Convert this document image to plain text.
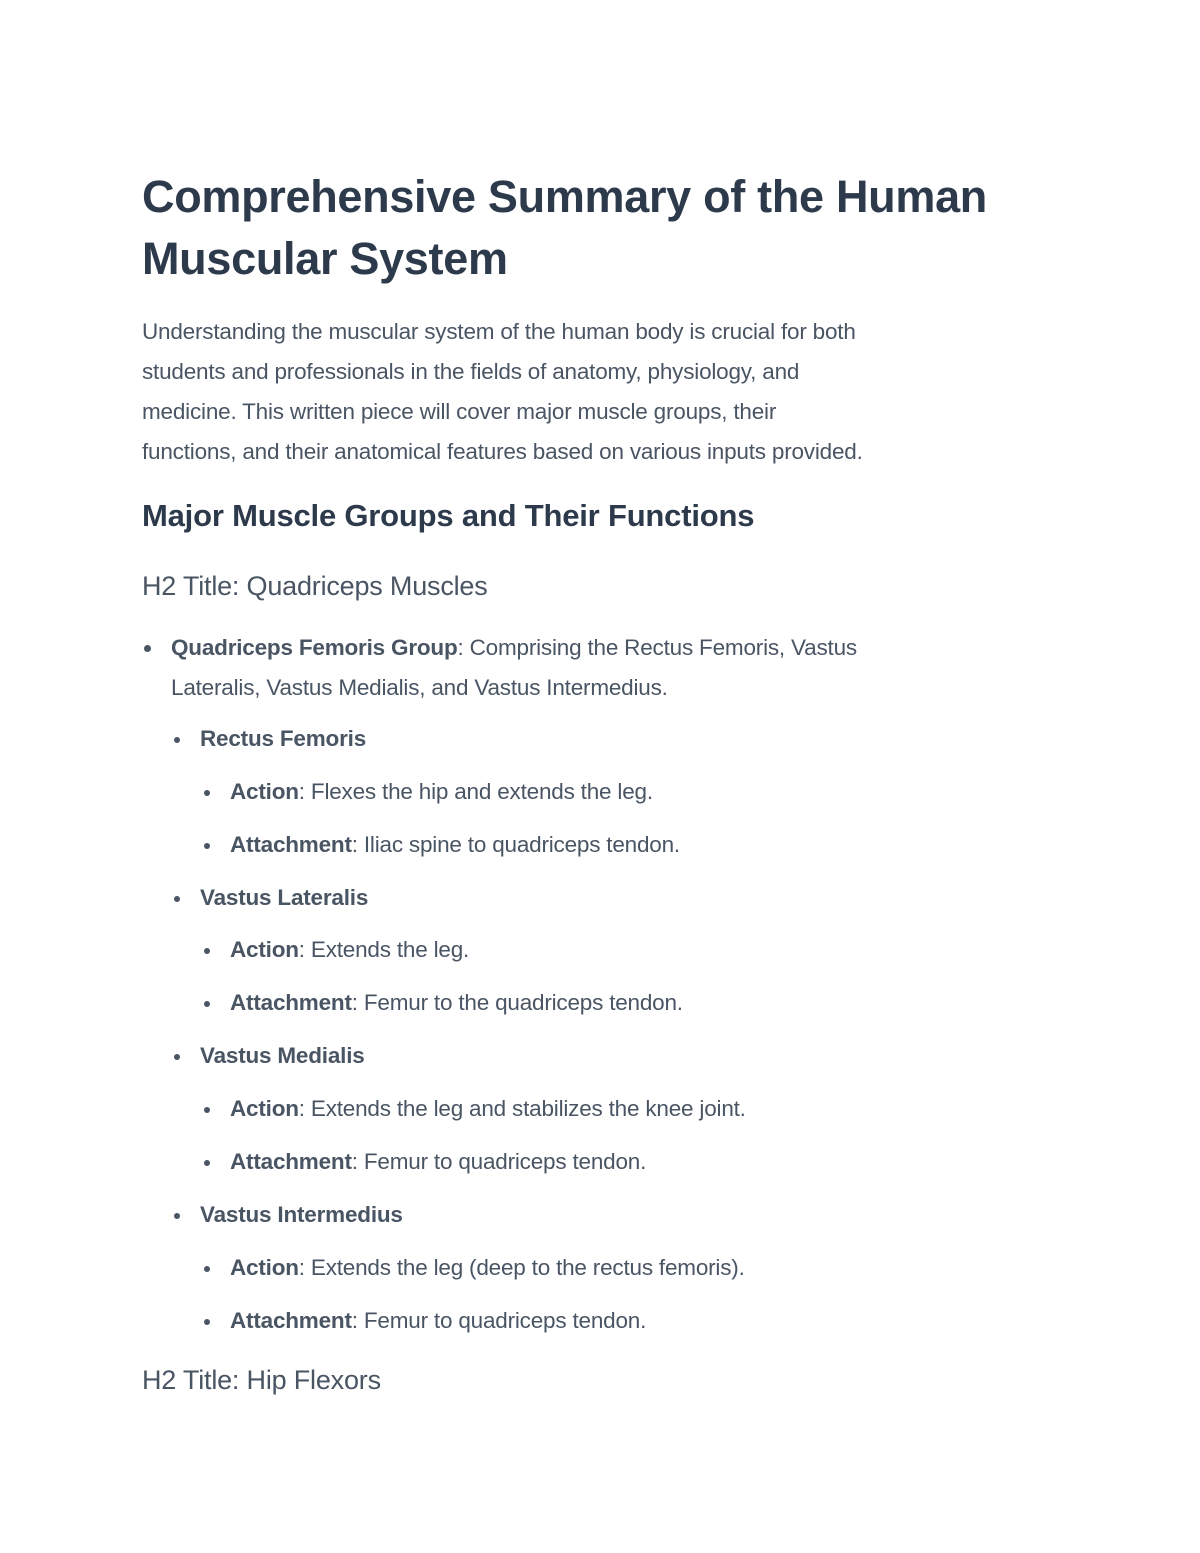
Comprehensive Summary of the Human
Muscular System

Understanding the muscular system of the human body is crucial for both
students and professionals in the fields of anatomy, physiology, and
medicine. This written piece will cover major muscle groups, their
functions, and their anatomical features based on various inputs provided.

Major Muscle Groups and Their Functions
H2 Title: Quadriceps Muscles
Quadriceps Femoris Group: Comprising the Rectus Femoris, Vastus
Lateralis, Vastus Medialis, and Vastus Intermedius.
Rectus Femoris
Action: Flexes the hip and extends the leg.
Attachment: Iliac spine to quadriceps tendon.
Vastus Lateralis
Action: Extends the leg.
Attachment: Femur to the quadriceps tendon.
Vastus Medialis
Action: Extends the leg and stabilizes the knee joint.
Attachment: Femur to quadriceps tendon.
Vastus Intermedius
Action: Extends the leg (deep to the rectus femoris).
Attachment: Femur to quadriceps tendon.
H2 Title: Hip Flexors
